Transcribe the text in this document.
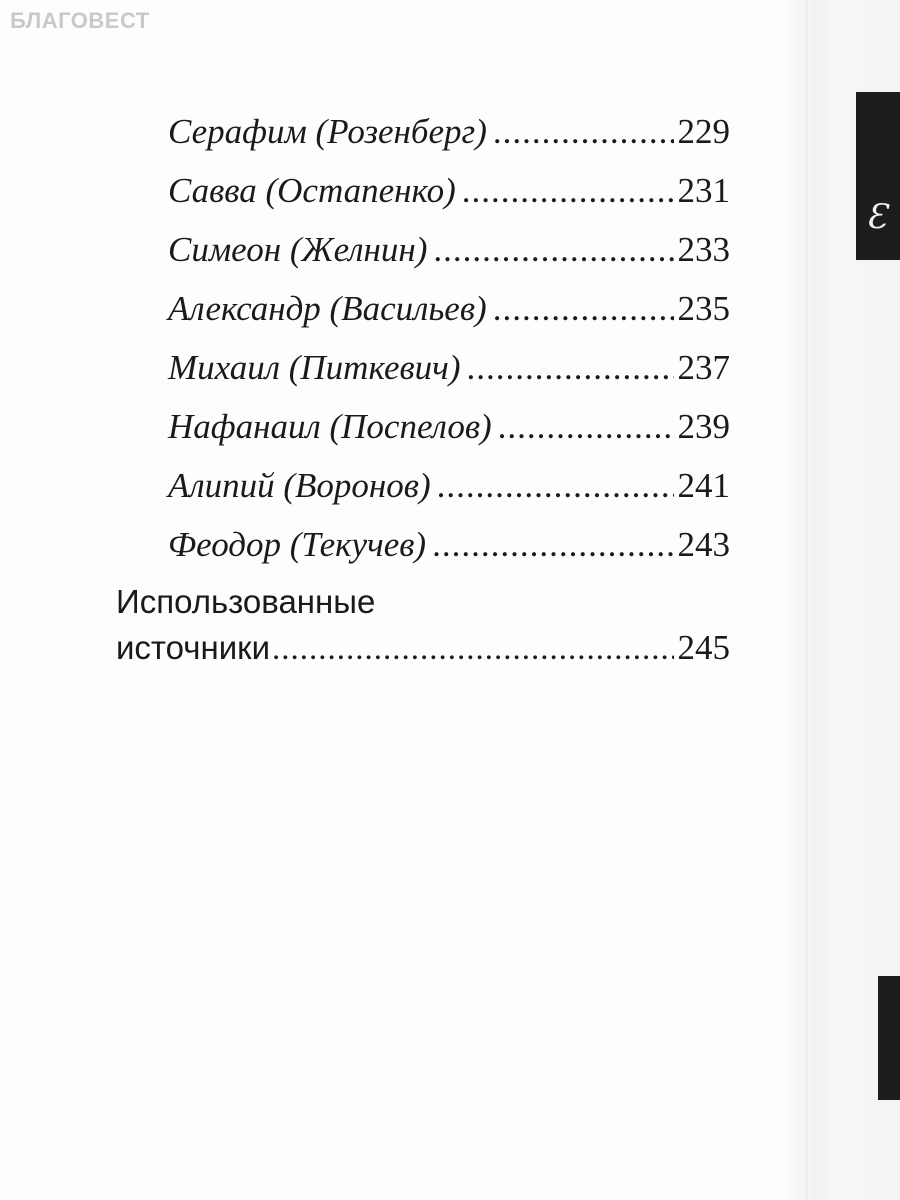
БЛАГОВЕСТ
Ɛ
Серафим (Розенберг) .....	229
Савва (Остапенко) .....	231
Симеон (Желнин) .....	233
Александр (Васильев) .....	235
Михаил (Питкевич) .....	237
Нафанаил (Поспелов) .....	239
Алипий (Воронов) .....	241
Феодор (Текучев) .....	243
Использованные
источники .....	245
